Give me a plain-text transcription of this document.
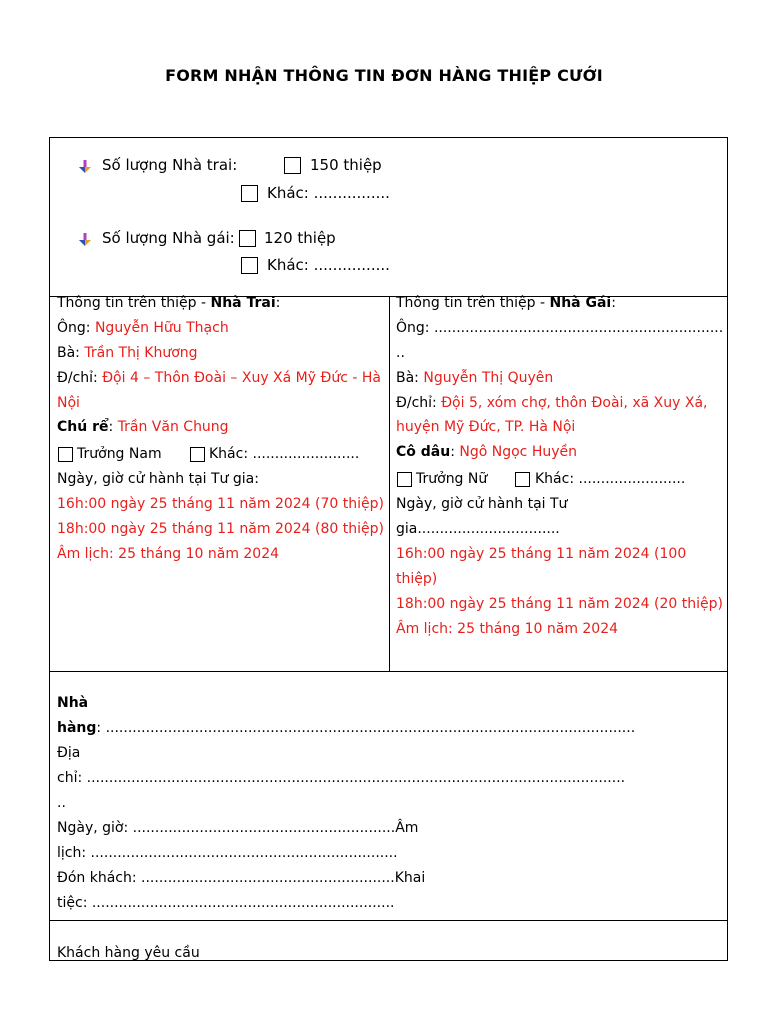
FORM NHẬN THÔNG TIN ĐƠN HÀNG THIỆP CƯỚI
Số lượng Nhà trai:	150 thiệp
Khác: ................
Số lượng Nhà gái: 120 thiệp
Khác: ................
Thông tin trên thiệp - Nhà Trai:
Ông: Nguyễn Hữu Thạch
Bà: Trần Thị Khương
Đ/chỉ: Đội 4 – Thôn Đoài – Xuy Xá Mỹ Đức - Hà
Nội
Chú rể: Trần Văn Chung
Trưởng Nam	Khác: ........................
Ngày, giờ cử hành tại Tư gia:
16h:00 ngày 25 tháng 11 năm 2024 (70 thiệp)
18h:00 ngày 25 tháng 11 năm 2024 (80 thiệp)
Âm lịch: 25 tháng 10 năm 2024
Thông tin trên thiệp - Nhà Gái:
Ông: .................................................................
..
Bà: Nguyễn Thị Quyên
Đ/chỉ: Đội 5, xóm chợ, thôn Đoài, xã Xuy Xá,
huyện Mỹ Đức, TP. Hà Nội
Cô dâu: Ngô Ngọc Huyền
Trưởng Nữ	Khác: ........................
Ngày, giờ cử hành tại Tư
gia................................
16h:00 ngày 25 tháng 11 năm 2024 (100
thiệp)
18h:00 ngày 25 tháng 11 năm 2024 (20 thiệp)
Âm lịch: 25 tháng 10 năm 2024
Nhà
hàng: .......................................................................................................................
Địa
chỉ: .........................................................................................................................
..
Ngày, giờ: ...........................................................Âm
lịch: .....................................................................
Đón khách: .........................................................Khai
tiệc: ....................................................................
Khách hàng yêu cầu
